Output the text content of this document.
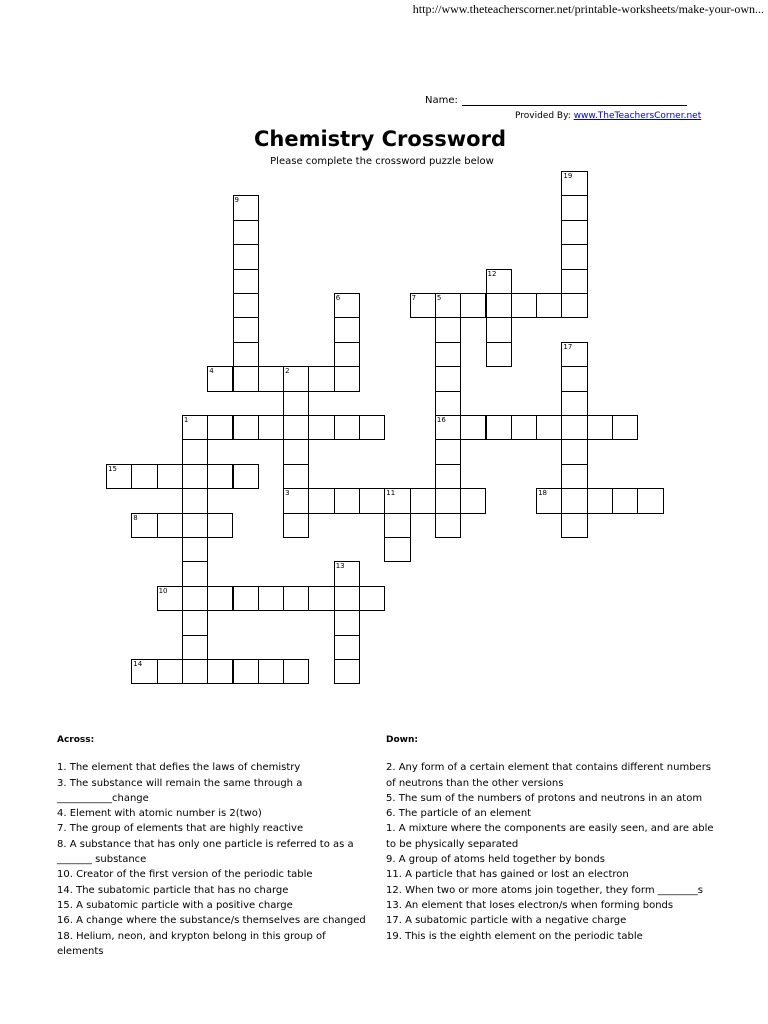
http://www.theteacherscorner.net/printable-worksheets/make-your-own...
Name:
Provided By: www.TheTeachersCorner.net
Chemistry Crossword
Please complete the crossword puzzle below
1
8
15
3	11	18
10
14
4	2
16
7	5
9
6
12
19
17
13
Across:
1. The element that defies the laws of chemistry
3. The substance will remain the same through a ___________change
4. Element with atomic number is 2(two)
7. The group of elements that are highly reactive
8. A substance that has only one particle is referred to as a _______ substance
10. Creator of the first version of the periodic table
14. The subatomic particle that has no charge
15. A subatomic particle with a positive charge
16. A change where the substance/s themselves are changed
18. Helium, neon, and krypton belong in this group of elements
Down:
2. Any form of a certain element that contains different numbers of neutrons than the other versions
5. The sum of the numbers of protons and neutrons in an atom
6. The particle of an element
1. A mixture where the components are easily seen, and are able to be physically separated
9. A group of atoms held together by bonds
11. A particle that has gained or lost an electron
12. When two or more atoms join together, they form ________s
13. An element that loses electron/s when forming bonds
17. A subatomic particle with a negative charge
19. This is the eighth element on the periodic table
